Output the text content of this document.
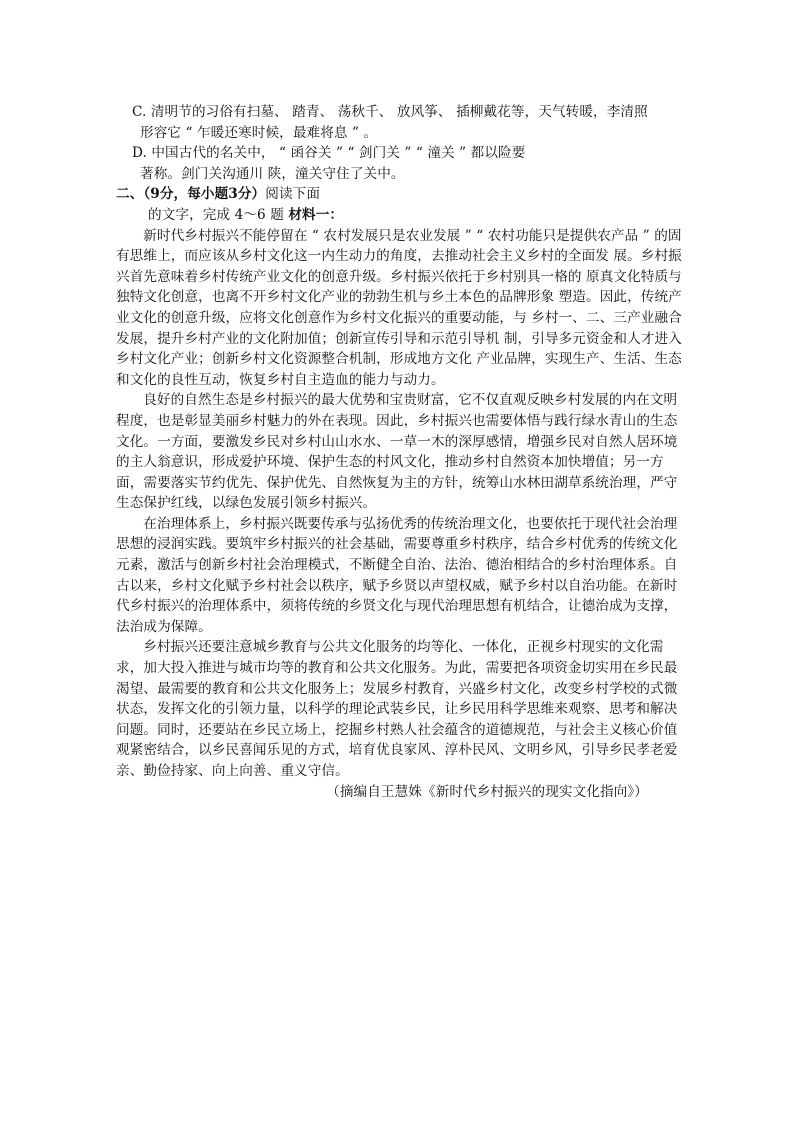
C. 清明节的习俗有扫墓、 踏青、 荡秋千、 放风筝、 插柳戴花等，天气转暖，李清照

形容它 “ 乍暖还寒时候，最难将息 ” 。

D. 中国古代的名关中， “ 函谷关 ” “ 剑门关 ” “ 潼关 ” 都以险要

著称。剑门关沟通川 陕，潼关守住了关中。

二、（9分，每小题3分）阅读下面

的文字，完成 4～6 题 材料一：

新时代乡村振兴不能停留在 “ 农村发展只是农业发展 ” “ 农村功能只是提供农产品 ” 的固有思维上，而应该从乡村文化这一内生动力的角度，去推动社会主义乡村的全面发 展。乡村振兴首先意味着乡村传统产业文化的创意升级。乡村振兴依托于乡村别具一格的 原真文化特质与独特文化创意，也离不开乡村文化产业的勃勃生机与乡土本色的品牌形象 塑造。因此，传统产业文化的创意升级，应将文化创意作为乡村文化振兴的重要动能，与 乡村一、二、三产业融合发展，提升乡村产业的文化附加值；创新宣传引导和示范引导机 制，引导多元资金和人才进入乡村文化产业；创新乡村文化资源整合机制，形成地方文化 产业品牌，实现生产、生活、生态和文化的良性互动，恢复乡村自主造血的能力与动力。

良好的自然生态是乡村振兴的最大优势和宝贵财富，它不仅直观反映乡村发展的内在文明程度，也是彰显美丽乡村魅力的外在表现。因此，乡村振兴也需要体悟与践行绿水青山的生态文化。一方面，要激发乡民对乡村山山水水、一草一木的深厚感情，增强乡民对自然人居环境的主人翁意识，形成爱护环境、保护生态的村风文化，推动乡村自然资本加快增值；另一方面，需要落实节约优先、保护优先、自然恢复为主的方针，统筹山水林田湖草系统治理，严守生态保护红线，以绿色发展引领乡村振兴。

在治理体系上，乡村振兴既要传承与弘扬优秀的传统治理文化，也要依托于现代社会治理思想的浸润实践。要筑牢乡村振兴的社会基础，需要尊重乡村秩序，结合乡村优秀的传统文化元素，激活与创新乡村社会治理模式，不断健全自治、法治、德治相结合的乡村治理体系。自古以来，乡村文化赋予乡村社会以秩序，赋予乡贤以声望权威，赋予乡村以自治功能。在新时代乡村振兴的治理体系中，须将传统的乡贤文化与现代治理思想有机结合，让德治成为支撑，法治成为保障。

乡村振兴还要注意城乡教育与公共文化服务的均等化、一体化，正视乡村现实的文化需求，加大投入推进与城市均等的教育和公共文化服务。为此，需要把各项资金切实用在乡民最渴望、最需要的教育和公共文化服务上；发展乡村教育，兴盛乡村文化，改变乡村学校的式微状态，发挥文化的引领力量，以科学的理论武装乡民，让乡民用科学思维来观察、思考和解决问题。同时，还要站在乡民立场上，挖掘乡村熟人社会蕴含的道德规范，与社会主义核心价值观紧密结合，以乡民喜闻乐见的方式，培育优良家风、淳朴民风、文明乡风，引导乡民孝老爱亲、勤俭持家、向上向善、重义守信。

（摘编自王慧姝《新时代乡村振兴的现实文化指向》）
